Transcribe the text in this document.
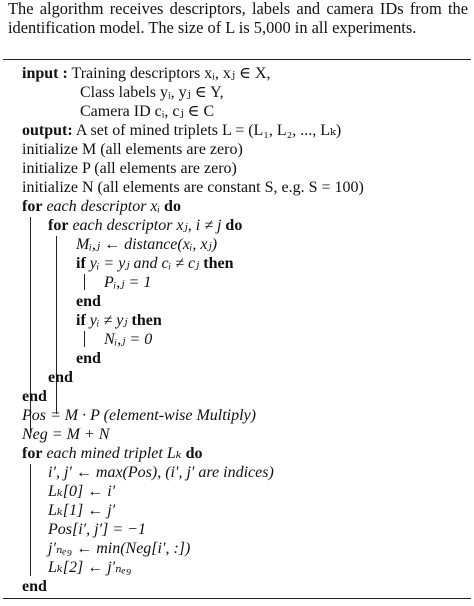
The algorithm receives descriptors, labels and camera IDs from the identification model. The size of L is 5,000 in all experiments.
input : Training descriptors xᵢ, xⱼ ∈ X,
Class labels yᵢ, yⱼ ∈ Y,
Camera ID cᵢ, cⱼ ∈ C
output: A set of mined triplets L = (L₁, L₂, ..., Lₖ)
initialize M (all elements are zero)
initialize P (all elements are zero)
initialize N (all elements are constant S, e.g. S = 100)
for each descriptor xᵢ do
for each descriptor xⱼ, i ≠ j do
Mᵢ,ⱼ ← distance(xᵢ, xⱼ)
if yᵢ = yⱼ and cᵢ ≠ cⱼ then
Pᵢ,ⱼ = 1
end
if yᵢ ≠ yⱼ then
Nᵢ,ⱼ = 0
end
end
end
Pos = M · P (element-wise Multiply)
Neg = M + N
for each mined triplet Lₖ do
i′, j′ ← max(Pos), (i′, j′ are indices)
Lₖ[0] ← i′
Lₖ[1] ← j′
Pos[i′, j′] = −1
j′ₙₑ₉ ← min(Neg[i′, :])
Lₖ[2] ← j′ₙₑ₉
end
